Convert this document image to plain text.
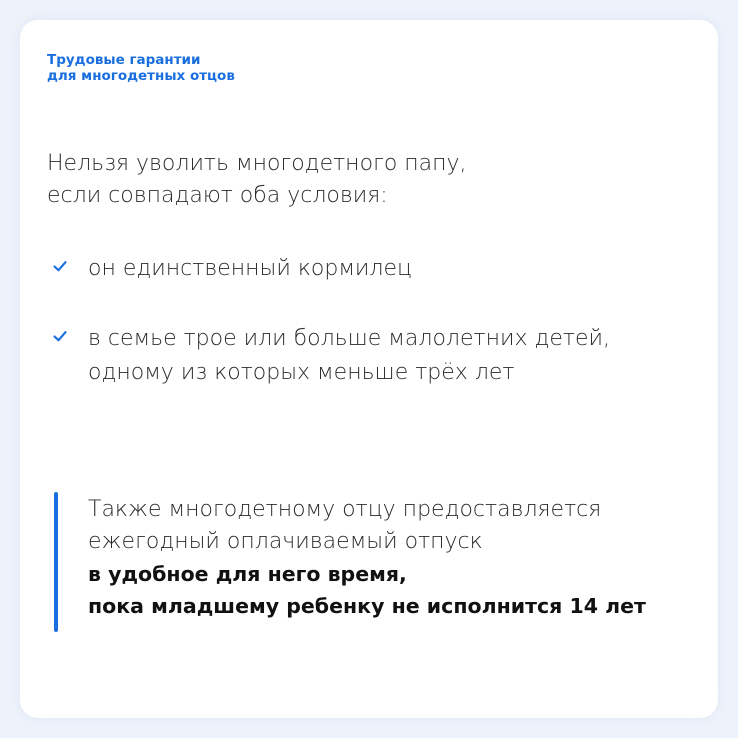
Трудовые гарантии
для многодетных отцов
Нельзя уволить многодетного папу,
если совпадают оба условия:
он единственный кормилец
в семье трое или больше малолетних детей,
одному из которых меньше трёх лет
Также многодетному отцу предоставляется
ежегодный оплачиваемый отпуск
в удобное для него время,
пока младшему ребенку не исполнится 14 лет
